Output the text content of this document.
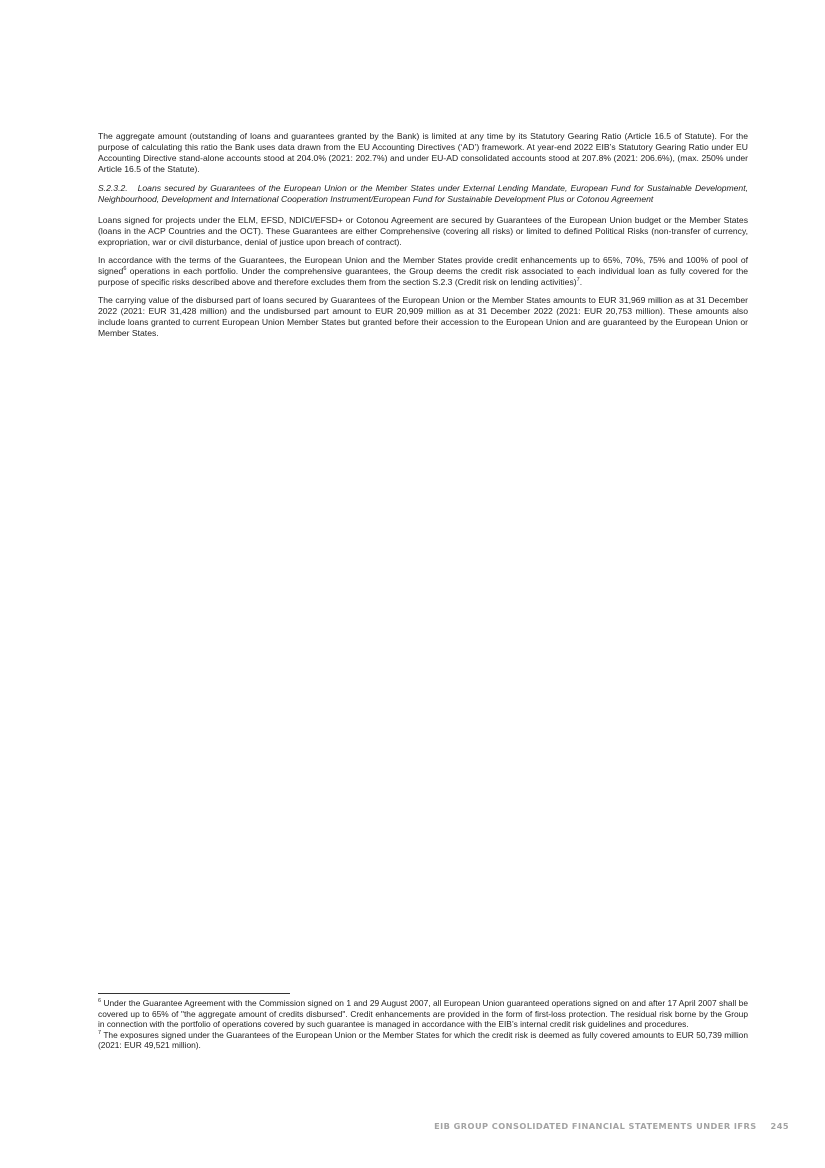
The aggregate amount (outstanding of loans and guarantees granted by the Bank) is limited at any time by its Statutory Gearing Ratio (Article 16.5 of Statute). For the purpose of calculating this ratio the Bank uses data drawn from the EU Accounting Directives (‘AD’) framework. At year-end 2022 EIB’s Statutory Gearing Ratio under EU Accounting Directive stand-alone accounts stood at 204.0% (2021: 202.7%) and under EU-AD consolidated accounts stood at 207.8% (2021: 206.6%), (max. 250% under Article 16.5 of the Statute).

S.2.3.2. Loans secured by Guarantees of the European Union or the Member States under External Lending Mandate, European Fund for Sustainable Development, Neighbourhood, Development and International Cooperation Instrument/European Fund for Sustainable Development Plus or Cotonou Agreement

Loans signed for projects under the ELM, EFSD, NDICI/EFSD+ or Cotonou Agreement are secured by Guarantees of the European Union budget or the Member States (loans in the ACP Countries and the OCT). These Guarantees are either Comprehensive (covering all risks) or limited to defined Political Risks (non-transfer of currency, expropriation, war or civil disturbance, denial of justice upon breach of contract).

In accordance with the terms of the Guarantees, the European Union and the Member States provide credit enhancements up to 65%, 70%, 75% and 100% of pool of signed$^6$ operations in each portfolio. Under the comprehensive guarantees, the Group deems the credit risk associated to each individual loan as fully covered for the purpose of specific risks described above and therefore excludes them from the section S.2.3 (Credit risk on lending activities)$^7$.

The carrying value of the disbursed part of loans secured by Guarantees of the European Union or the Member States amounts to EUR 31,969 million as at 31 December 2022 (2021: EUR 31,428 million) and the undisbursed part amount to EUR 20,909 million as at 31 December 2022 (2021: EUR 20,753 million). These amounts also include loans granted to current European Union Member States but granted before their accession to the European Union and are guaranteed by the European Union or Member States.

$^6$ Under the Guarantee Agreement with the Commission signed on 1 and 29 August 2007, all European Union guaranteed operations signed on and after 17 April 2007 shall be covered up to 65% of "the aggregate amount of credits disbursed". Credit enhancements are provided in the form of first-loss protection. The residual risk borne by the Group in connection with the portfolio of operations covered by such guarantee is managed in accordance with the EIB’s internal credit risk guidelines and procedures.

$^7$ The exposures signed under the Guarantees of the European Union or the Member States for which the credit risk is deemed as fully covered amounts to EUR 50,739 million (2021: EUR 49,521 million).

EIB GROUP CONSOLIDATED FINANCIAL STATEMENTS UNDER IFRS 245
